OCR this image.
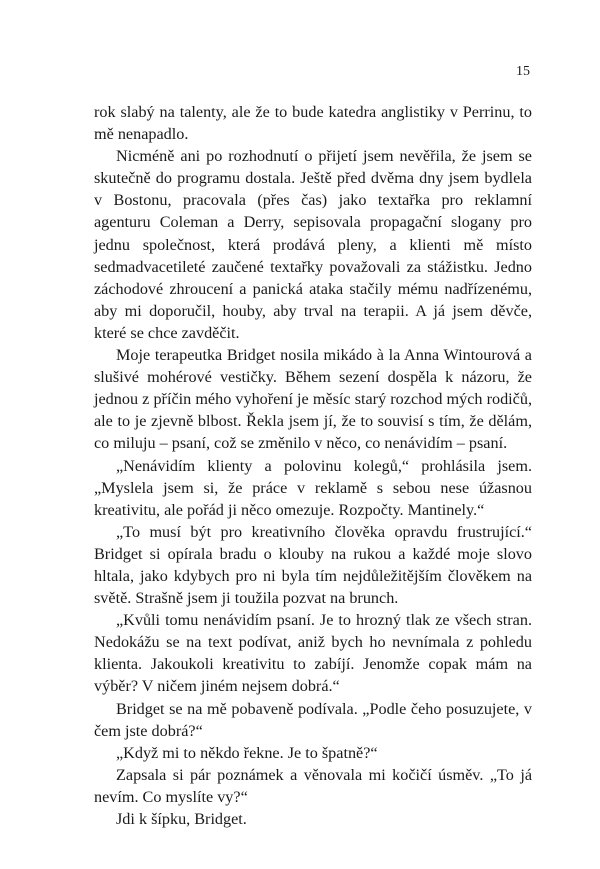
15

rok slabý na talenty, ale že to bude katedra anglistiky v Perrinu, to mě nenapadlo.

Nicméně ani po rozhodnutí o přijetí jsem nevěřila, že jsem se skutečně do programu dostala. Ještě před dvěma dny jsem bydlela v Bostonu, pracovala (přes čas) jako textařka pro reklamní agenturu Coleman a Derry, sepisovala propagační slogany pro jednu společnost, která prodává pleny, a klienti mě místo sedmadvacetileté zaučené textařky považovali za stážistku. Jedno záchodové zhroucení a panická ataka stačily mému nadřízenému, aby mi doporučil, houby, aby trval na terapii. A já jsem děvče, které se chce zavděčit.

Moje terapeutka Bridget nosila mikádo à la Anna Wintourová a slušivé mohérové vestičky. Během sezení dospěla k názoru, že jednou z příčin mého vyhoření je měsíc starý rozchod mých rodičů, ale to je zjevně blbost. Řekla jsem jí, že to souvisí s tím, že dělám, co miluju – psaní, což se změnilo v něco, co nenávidím – psaní.

„Nenávidím klienty a polovinu kolegů,“ prohlásila jsem. „Myslela jsem si, že práce v reklamě s sebou nese úžasnou kreativitu, ale pořád ji něco omezuje. Rozpočty. Mantinely.“

„To musí být pro kreativního člověka opravdu frustrující.“ Bridget si opírala bradu o klouby na rukou a každé moje slovo hltala, jako kdybych pro ni byla tím nejdůležitějším člověkem na světě. Strašně jsem ji toužila pozvat na brunch.

„Kvůli tomu nenávidím psaní. Je to hrozný tlak ze všech stran. Nedokážu se na text podívat, aniž bych ho nevnímala z pohledu klienta. Jakoukoli kreativitu to zabíjí. Jenomže copak mám na výběr? V ničem jiném nejsem dobrá.“

Bridget se na mě pobaveně podívala. „Podle čeho posuzujete, v čem jste dobrá?“

„Když mi to někdo řekne. Je to špatně?“

Zapsala si pár poznámek a věnovala mi kočičí úsměv. „To já nevím. Co myslíte vy?“

Jdi k šípku, Bridget.
